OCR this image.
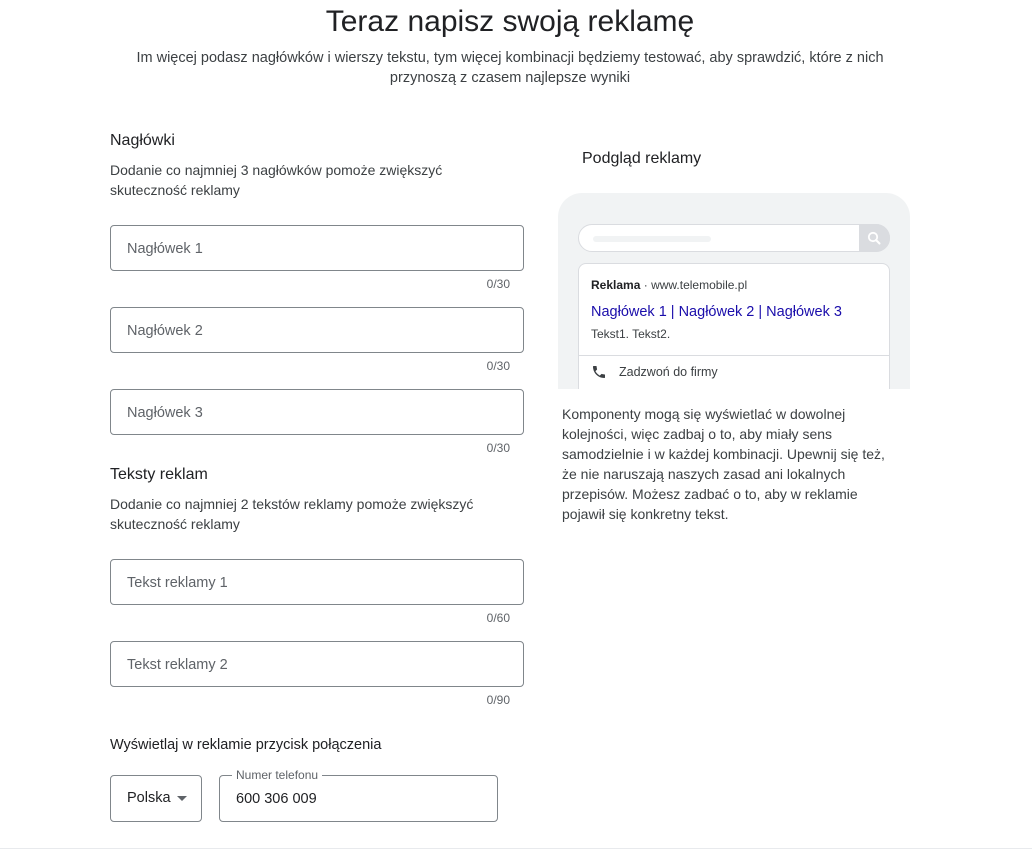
Teraz napisz swoją reklamę
Im więcej podasz nagłówków i wierszy tekstu, tym więcej kombinacji będziemy testować, aby sprawdzić, które z nich przynoszą z czasem najlepsze wyniki
Nagłówki
Dodanie co najmniej 3 nagłówków pomoże zwiększyć skuteczność reklamy
Nagłówek 1
0/30
Nagłówek 2
0/30
Nagłówek 3
0/30
Teksty reklam
Dodanie co najmniej 2 tekstów reklamy pomoże zwiększyć skuteczność reklamy
Tekst reklamy 1
0/60
Tekst reklamy 2
0/90
Wyświetlaj w reklamie przycisk połączenia
Polska
Numer telefonu
600 306 009
Podgląd reklamy
Reklama · www.telemobile.pl
Nagłówek 1 | Nagłówek 2 | Nagłówek 3
Tekst1. Tekst2.
Zadzwoń do firmy
Komponenty mogą się wyświetlać w dowolnej kolejności, więc zadbaj o to, aby miały sens samodzielnie i w każdej kombinacji. Upewnij się też, że nie naruszają naszych zasad ani lokalnych przepisów. Możesz zadbać o to, aby w reklamie pojawił się konkretny tekst.
